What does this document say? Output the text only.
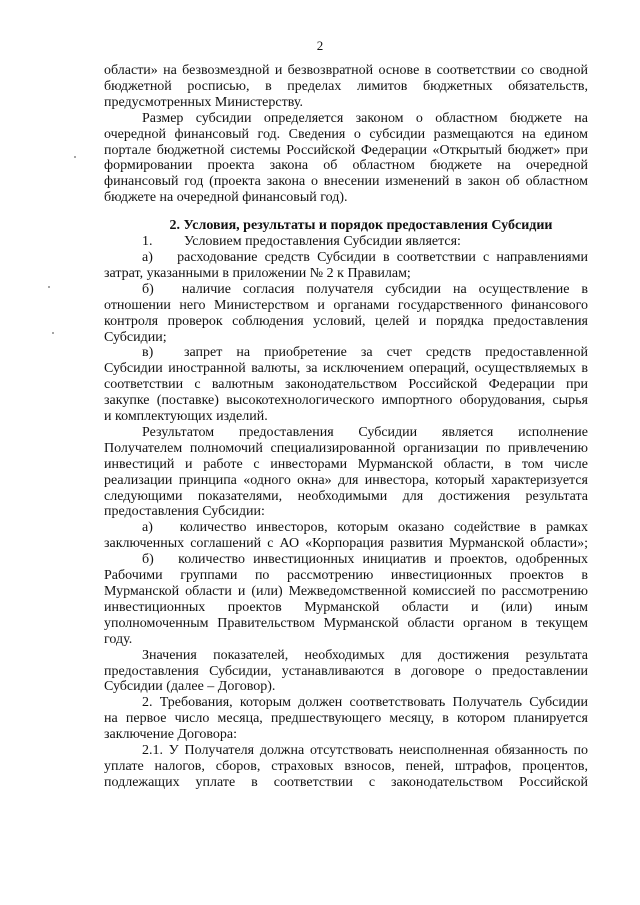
2
области» на безвозмездной и безвозвратной основе в соответствии со сводной
бюджетной росписью, в пределах лимитов бюджетных обязательств,
предусмотренных Министерству.
Размер субсидии определяется законом о областном бюджете на
очередной финансовый год. Сведения о субсидии размещаются на едином
портале бюджетной системы Российской Федерации «Открытый бюджет» при
формировании проекта закона об областном бюджете на очередной
финансовый год (проекта закона о внесении изменений в закон об областном
бюджете на очередной финансовый год).
2. Условия, результаты и порядок предоставления Субсидии
1. Условием предоставления Субсидии является:
а) расходование средств Субсидии в соответствии с направлениями
затрат, указанными в приложении № 2 к Правилам;
б) наличие согласия получателя субсидии на осуществление в
отношении него Министерством и органами государственного финансового
контроля проверок соблюдения условий, целей и порядка предоставления
Субсидии;
в) запрет на приобретение за счет средств предоставленной
Субсидии иностранной валюты, за исключением операций, осуществляемых в
соответствии с валютным законодательством Российской Федерации при
закупке (поставке) высокотехнологического импортного оборудования, сырья
и комплектующих изделий.
Результатом предоставления Субсидии является исполнение
Получателем полномочий специализированной организации по привлечению
инвестиций и работе с инвесторами Мурманской области, в том числе
реализации принципа «одного окна» для инвестора, который характеризуется
следующими показателями, необходимыми для достижения результата
предоставления Субсидии:
а) количество инвесторов, которым оказано содействие в рамках
заключенных соглашений с АО «Корпорация развития Мурманской области»;
б) количество инвестиционных инициатив и проектов, одобренных
Рабочими группами по рассмотрению инвестиционных проектов в
Мурманской области и (или) Межведомственной комиссией по рассмотрению
инвестиционных проектов Мурманской области и (или) иным
уполномоченным Правительством Мурманской области органом в текущем
году.
Значения показателей, необходимых для достижения результата
предоставления Субсидии, устанавливаются в договоре о предоставлении
Субсидии (далее – Договор).
2. Требования, которым должен соответствовать Получатель Субсидии
на первое число месяца, предшествующего месяцу, в котором планируется
заключение Договора:
2.1. У Получателя должна отсутствовать неисполненная обязанность по
уплате налогов, сборов, страховых взносов, пеней, штрафов, процентов,
подлежащих уплате в соответствии с законодательством Российской
